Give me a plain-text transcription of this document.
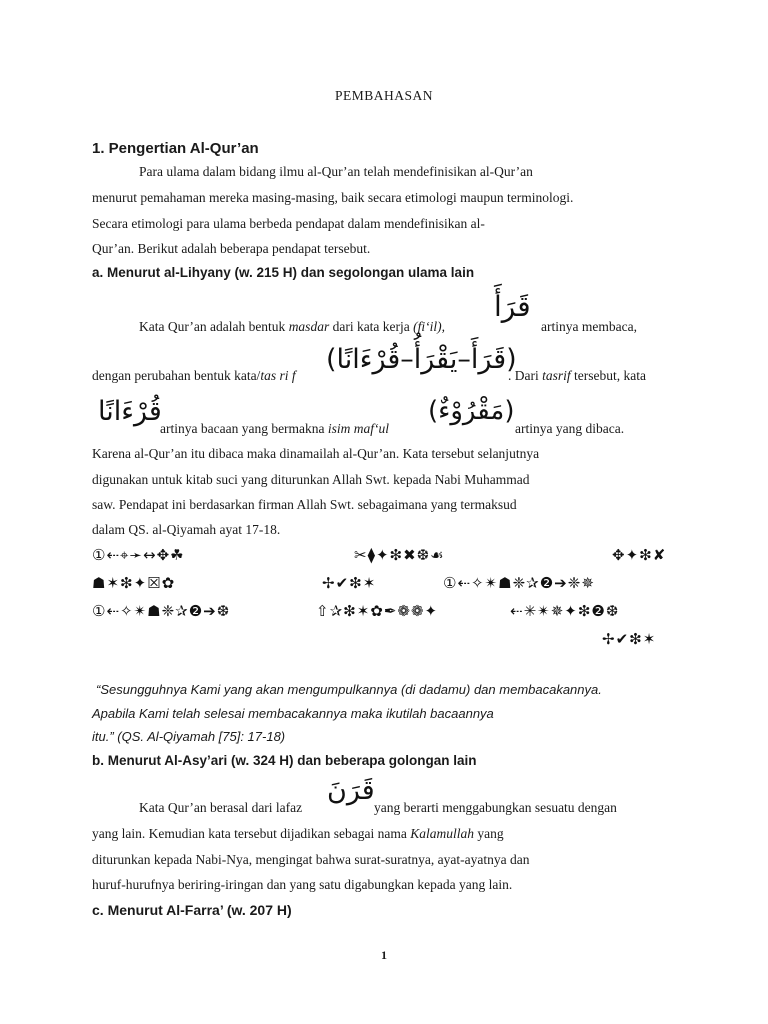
PEMBAHASAN
1. Pengertian Al-Qur’an
Para ulama dalam bidang ilmu al-Qur’an telah mendefinisikan al-Qur’an
menurut pemahaman mereka masing-masing, baik secara etimologi maupun terminologi.
Secara etimologi para ulama berbeda pendapat dalam mendefinisikan al-
Qur’an. Berikut adalah beberapa pendapat tersebut.
a. Menurut al-Lihyany (w. 215 H) dan segolongan ulama lain
Kata Qur’an adalah bentuk masdar dari kata kerja (fi‘il),
قَرَأَ
artinya membaca,
dengan perubahan bentuk kata/tas ri f
(قَرَأَ–يَقْرَأُ–قُرْءَانًا)
. Dari tasrif tersebut, kata
قُرْءَانًا
artinya bacaan yang bermakna isim maf‘ul
(مَقْرُوْءٌ)
artinya yang dibaca.
Karena al-Qur’an itu dibaca maka dinamailah al-Qur’an. Kata tersebut selanjutnya
digunakan untuk kitab suci yang diturunkan Allah Swt. kepada Nabi Muhammad
saw. Pendapat ini berdasarkan firman Allah Swt. sebagaimana yang termaksud
dalam QS. al-Qiyamah ayat 17-18.
①⇠⌖➛↔✥☘	✂⧫✦❇✖❆☙	✥✦❇✘
☗✶❇✦☒✿	✢✔❇✶	①⇠✧✴☗❈✰❷➔❈✵
①⇠✧✴☗❈✰❷➔❆	⇧✰❇✶✿✒❁❁✦	⇠✳✴✵✦❇❷❆
✢✔❇✶
“Sesungguhnya Kami yang akan mengumpulkannya (di dadamu) dan membacakannya.
Apabila Kami telah selesai membacakannya maka ikutilah bacaannya
itu.” (QS. Al-Qiyamah [75]: 17-18)
b. Menurut Al-Asy’ari (w. 324 H) dan beberapa golongan lain
Kata Qur’an berasal dari lafaz
قَرَنَ
yang berarti menggabungkan sesuatu dengan
yang lain. Kemudian kata tersebut dijadikan sebagai nama Kalamullah yang
diturunkan kepada Nabi-Nya, mengingat bahwa surat-suratnya, ayat-ayatnya dan
huruf-hurufnya beriring-iringan dan yang satu digabungkan kepada yang lain.
c. Menurut Al-Farra’ (w. 207 H)
1
